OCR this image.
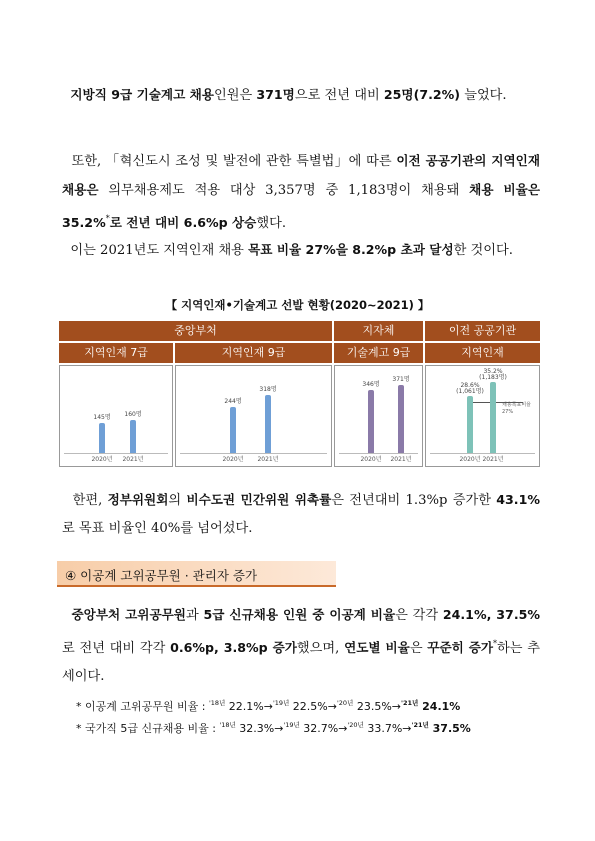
지방직 9급 기술계고 채용인원은 371명으로 전년 대비 25명(7.2%) 늘었다.

또한, 「혁신도시 조성 및 발전에 관한 특별법」에 따른 이전 공공기관의 지역인재 채용은 의무채용제도 적용 대상 3,357명 중 1,183명이 채용돼 채용 비율은 35.2%*로 전년 대비 6.6%p 상승했다.

이는 2021년도 지역인재 채용 목표 비율 27%을 8.2%p 초과 달성한 것이다.

【 지역인재•기술계고 선발 현황(2020~2021) 】
중앙부처	지자체	이전 공공기관
지역인재 7급	지역인재 9급	기술계고 9급	지역인재
145명	160명
2020년	2021년
244명
318명
2020년	2021년
346명
371명
2020년	2021년
채용목표비율
27%
28.6%
(1,061명)
35.2%
(1,183명)
2020년 2021년

한편, 정부위원회의 비수도권 민간위원 위촉률은 전년대비 1.3%p 증가한 43.1%로 목표 비율인 40%를 넘어섰다.

④ 이공계 고위공무원 · 관리자 증가

중앙부처 고위공무원과 5급 신규채용 인원 중 이공계 비율은 각각 24.1%, 37.5%로 전년 대비 각각 0.6%p, 3.8%p 증가했으며, 연도별 비율은 꾸준히 증가*하는 추세이다.

* 이공계 고위공무원 비율 : $^{'18년}$ 22.1%→$^{'19년}$ 22.5%→$^{'20년}$ 23.5%→$^{'21년}$ 24.1%
* 국가직 5급 신규채용 비율 : $^{'18년}$ 32.3%→$^{'19년}$ 32.7%→$^{'20년}$ 33.7%→$^{'21년}$ 37.5%
